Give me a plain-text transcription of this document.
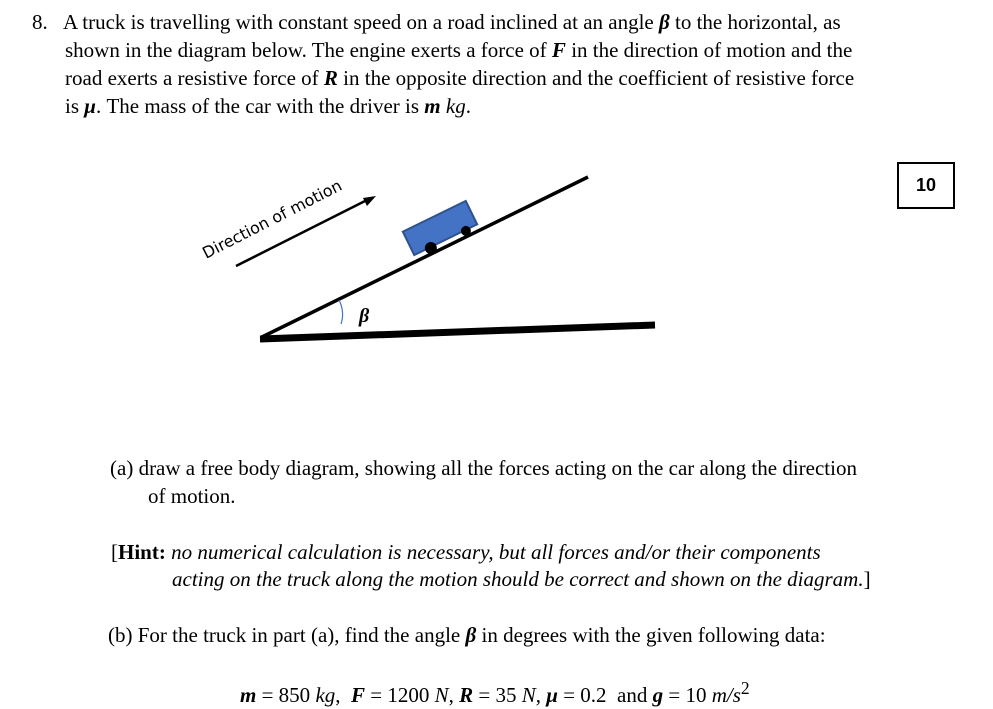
8. A truck is travelling with constant speed on a road inclined at an angle β to the horizontal, as
shown in the diagram below. The engine exerts a force of F in the direction of motion and the
road exerts a resistive force of R in the opposite direction and the coefficient of resistive force
is μ. The mass of the car with the driver is m kg.
10
β
Direction of motion
(a) draw a free body diagram, showing all the forces acting on the car along the direction
of motion.
[Hint: no numerical calculation is necessary, but all forces and/or their components
acting on the truck along the motion should be correct and shown on the diagram.]
(b) For the truck in part (a), find the angle β in degrees with the given following data:
m = 850 kg,  F = 1200 N, R = 35 N, μ = 0.2 and g = 10 $m/s^2$
